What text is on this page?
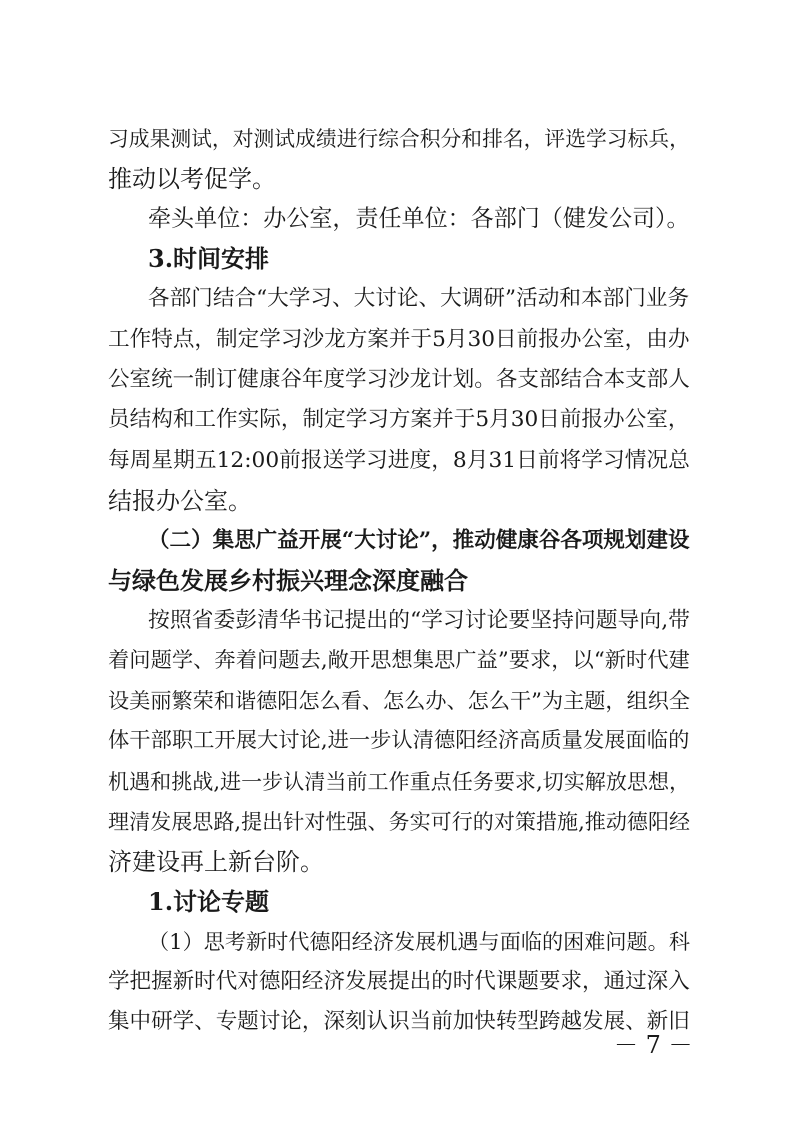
习成果测试，对测试成绩进行综合积分和排名，评选学习标兵，
推动以考促学。
牵头单位：办公室，责任单位：各部门（健发公司）。
3.时间安排
各部门结合“大学习、大讨论、大调研”活动和本部门业务
工作特点，制定学习沙龙方案并于5月30日前报办公室，由办
公室统一制订健康谷年度学习沙龙计划。各支部结合本支部人
员结构和工作实际，制定学习方案并于5月30日前报办公室，
每周星期五12:00前报送学习进度，8月31日前将学习情况总
结报办公室。
（二）集思广益开展“大讨论”，推动健康谷各项规划建设
与绿色发展乡村振兴理念深度融合
按照省委彭清华书记提出的“学习讨论要坚持问题导向,带
着问题学、奔着问题去,敞开思想集思广益”要求，以“新时代建
设美丽繁荣和谐德阳怎么看、怎么办、怎么干”为主题，组织全
体干部职工开展大讨论,进一步认清德阳经济高质量发展面临的
机遇和挑战,进一步认清当前工作重点任务要求,切实解放思想，
理清发展思路,提出针对性强、务实可行的对策措施,推动德阳经
济建设再上新台阶。
1.讨论专题
（1）思考新时代德阳经济发展机遇与面临的困难问题。科
学把握新时代对德阳经济发展提出的时代课题要求，通过深入
集中研学、专题讨论，深刻认识当前加快转型跨越发展、新旧
－ 7 －
